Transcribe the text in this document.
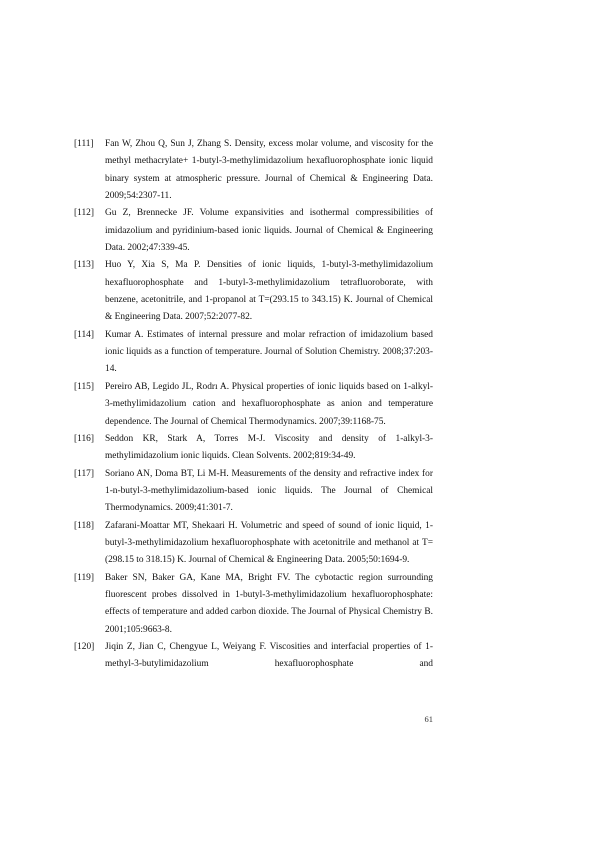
[111] Fan W, Zhou Q, Sun J, Zhang S. Density, excess molar volume, and viscosity for the methyl methacrylate+ 1-butyl-3-methylimidazolium hexafluorophosphate ionic liquid binary system at atmospheric pressure. Journal of Chemical & Engineering Data. 2009;54:2307-11.
[112] Gu Z, Brennecke JF. Volume expansivities and isothermal compressibilities of imidazolium and pyridinium-based ionic liquids. Journal of Chemical & Engineering Data. 2002;47:339-45.
[113] Huo Y, Xia S, Ma P. Densities of ionic liquids, 1-butyl-3-methylimidazolium hexafluorophosphate and 1-butyl-3-methylimidazolium tetrafluoroborate, with benzene, acetonitrile, and 1-propanol at T=(293.15 to 343.15) K. Journal of Chemical & Engineering Data. 2007;52:2077-82.
[114] Kumar A. Estimates of internal pressure and molar refraction of imidazolium based ionic liquids as a function of temperature. Journal of Solution Chemistry. 2008;37:203-14.
[115] Pereiro AB, Legido JL, Rodrı A. Physical properties of ionic liquids based on 1-alkyl-3-methylimidazolium cation and hexafluorophosphate as anion and temperature dependence. The Journal of Chemical Thermodynamics. 2007;39:1168-75.
[116] Seddon KR, Stark A, Torres M-J. Viscosity and density of 1-alkyl-3-methylimidazolium ionic liquids. Clean Solvents. 2002;819:34-49.
[117] Soriano AN, Doma BT, Li M-H. Measurements of the density and refractive index for 1-n-butyl-3-methylimidazolium-based ionic liquids. The Journal of Chemical Thermodynamics. 2009;41:301-7.
[118] Zafarani-Moattar MT, Shekaari H. Volumetric and speed of sound of ionic liquid, 1-butyl-3-methylimidazolium hexafluorophosphate with acetonitrile and methanol at T=(298.15 to 318.15) K. Journal of Chemical & Engineering Data. 2005;50:1694-9.
[119] Baker SN, Baker GA, Kane MA, Bright FV. The cybotactic region surrounding fluorescent probes dissolved in 1-butyl-3-methylimidazolium hexafluorophosphate: effects of temperature and added carbon dioxide. The Journal of Physical Chemistry B. 2001;105:9663-8.
[120] Jiqin Z, Jian C, Chengyue L, Weiyang F. Viscosities and interfacial properties of 1-methyl-3-butylimidazolium hexafluorophosphate and
61
